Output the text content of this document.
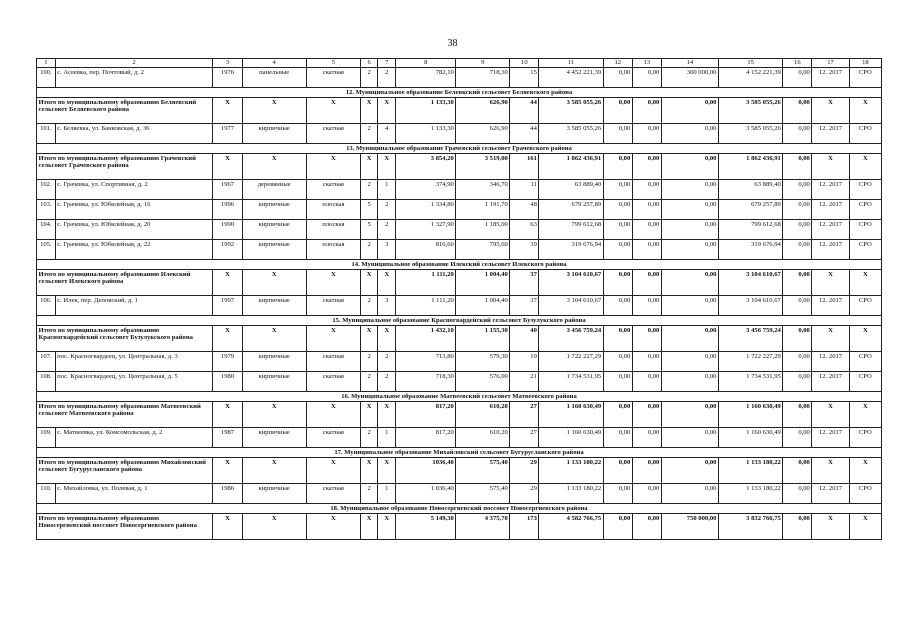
38
1	2	3	4	5	6	7	8	9	10	11	12	13	14	15	16	17	18
100.	с. Асеевка, пер. Почтовый, д. 2	1976	панельные	скатная	2	2	782,10	718,30	15	4 452 221,39	0,00	0,00	300 000,00	4 152 221,39	0,00	12. 2017	СРО
12. Муниципальное образование Белевкский сельсовет Беляевского района																	
Итого по муниципальному образованию Беляевский сельсовет Беляевского района		X	X	X	X	X	1 133,30	626,90	44	3 585 055,26	0,00	0,00	0,00	3 585 055,26	0,00	X	X
101.	с. Беляевка, ул. Банковская, д. 36	1977	кирпичные	скатная	2	4	1 133,30	626,90	44	3 585 055,26	0,00	0,00	0,00	3 585 055,26	0,00	12. 2017	СРО
13. Муниципальное образование Грачевский сельсовет Грачевского района																	
Итого по муниципальному образованию Грачевский сельсовет Грачевского района		X	X	X	X	X	3 854,20	3 519,00	161	1 862 436,91	0,00	0,00	0,00	1 862 436,91	0,00	X	X
102.	с. Грачевка, ул. Спортивная, д. 2	1967	деревянные	скатная	2	1	374,90	346,70	11	63 889,40	0,00	0,00	0,00	63 889,40	0,00	12. 2017	СРО
103.	с. Грачевка, ул. Юбилейная, д. 16	1996	кирпичные	плоская	5	2	1 334,80	1 191,70	48	679 257,89	0,00	0,00	0,00	679 257,89	0,00	12. 2017	СРО
104.	с. Грачевка, ул. Юбилейная, д. 20	1990	кирпичные	плоская	5	2	1 327,90	1 185,00	63	799 612,68	0,00	0,00	0,00	799 612,68	0,00	12. 2017	СРО
105.	с. Грачевка, ул. Юбилейная, д. 22	1992	кирпичные	плоская	2	3	816,60	795,60	39	319 676,94	0,00	0,00	0,00	319 676,94	0,00	12. 2017	СРО
14. Муниципальное образование Илекский сельсовет Илекского района																	
Итого по муниципальному образованию Илекский сельсовет Илекского района		X	X	X	X	X	1 111,20	1 004,40	37	3 104 610,67	0,00	0,00	0,00	3 104 610,67	0,00	X	X
106.	с. Илек, пер. Деповский, д. 1	1997	кирпичные	скатная	2	3	1 111,20	1 004,40	37	3 104 610,67	0,00	0,00	0,00	3 104 610,67	0,00	12. 2017	СРО
15. Муниципальное образование Красногвардейский сельсовет Бузулукского района																	
Итого по муниципальному образованию Красногвардейский сельсовет Бузулукского района		X	X	X	X	X	1 432,10	1 155,30	40	3 456 759,24	0,00	0,00	0,00	3 456 759,24	0,00	X	X
107.	пос. Красногвардеец, ул. Центральная, д. 3	1979	кирпичные	скатная	2	2	713,80	579,30	19	1 722 227,29	0,00	0,00	0,00	1 722 227,29	0,00	12. 2017	СРО
108.	пос. Красногвардеец, ул. Центральная, д. 5	1980	кирпичные	скатная	2	2	718,30	576,00	21	1 734 531,95	0,00	0,00	0,00	1 734 531,95	0,00	12. 2017	СРО
16. Муниципальное образование Матвеевский сельсовет Матвеевского района																	
Итого по муниципальному образованию Матвеевский сельсовет Матвеевского района		X	X	X	X	X	817,20	610,20	27	1 160 630,49	0,00	0,00	0,00	1 160 630,49	0,00	X	X
109.	с. Матвеевка, ул. Комсомольская, д. 2	1987	кирпичные	скатная	2	1	817,20	610,20	27	1 160 630,49	0,00	0,00	0,00	1 160 630,49	0,00	12. 2017	СРО
17. Муниципальное образование Михайловский сельсовет Бугурусланского района																	
Итого по муниципальному образованию Михайловский сельсовет Бугурусланского района		X	X	X	X	X	1036,40	575,40	29	1 133 180,22	0,00	0,00	0,00	1 133 180,22	0,00	X	X
110.	с. Михайловка, ул. Полевая, д. 1	1986	кирпичные	скатная	2	1	1 036,40	575,40	29	1 133 180,22	0,00	0,00	0,00	1 133 180,22	0,00	12. 2017	СРО
18. Муниципальное образование Новосергиевский поссовет Новосергиевского района																	
Итого по муниципальному образованию Новосергиевский поссовет Новосергиевского района		X	X	X	X	X	5 149,30	4 375,70	173	4 582 766,75	0,00	0,00	750 000,00	3 832 766,75	0,00	X	X
